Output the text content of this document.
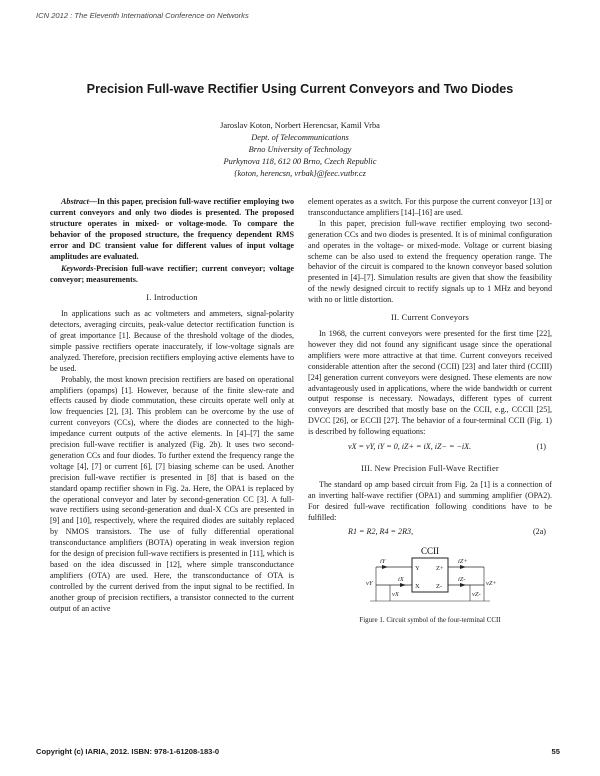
ICN 2012 : The Eleventh International Conference on Networks
Precision Full-wave Rectifier Using Current Conveyors and Two Diodes
Jaroslav Koton, Norbert Herencsar, Kamil Vrba
Dept. of Telecommunications
Brno University of Technology
Purkynova 118, 612 00 Brno, Czech Republic
{koton, herencsn, vrbak}@feec.vutbr.cz

Abstract—In this paper, precision full-wave rectifier employing two current conveyors and only two diodes is presented. The proposed structure operates in mixed- or voltage-mode. To compare the behavior of the proposed structure, the frequency dependent RMS error and DC transient value for different values of input voltage amplitudes are evaluated.

Keywords-Precision full-wave rectifier; current conveyor; voltage conveyor; measurements.

I. Introduction

In applications such as ac voltmeters and ammeters, signal-polarity detectors, averaging circuits, peak-value detector rectification function is of great importance [1]. Because of the threshold voltage of the diodes, simple passive rectifiers operate inaccurately, if low-voltage signals are analyzed. Therefore, precision rectifiers employing active elements have to be used.

Probably, the most known precision rectifiers are based on operational amplifiers (opamps) [1]. However, because of the finite slew-rate and effects caused by diode commutation, these circuits operate well only at low frequencies [2], [3]. This problem can be overcome by the use of current conveyors (CCs), where the diodes are connected to the high-impedance current outputs of the active elements. In [4]–[7] the same precision full-wave rectifier is analyzed (Fig. 2b). It uses two second-generation CCs and four diodes. To further extend the frequency range the voltage [4], [7] or current [6], [7] biasing scheme can be used. Another precision full-wave rectifier is presented in [8] that is based on the standard opamp rectifier shown in Fig. 2a. Here, the OPA1 is replaced by the operational conveyor and later by second-generation CC [3]. A full-wave rectifiers using second-generation and dual-X CCs are presented in [9] and [10], respectively, where the required diodes are suitably replaced by NMOS transistors. The use of fully differential operational transconductance amplifiers (BOTA) operating in weak inversion region for the design of precision full-wave rectifiers is presented in [11], which is based on the idea discussed in [12], where simple transconductance amplifiers (OTA) are used. Here, the transconductance of OTA is controlled by the current derived from the input signal to be rectified. In another group of precision rectifiers, a transistor connected to the current output of an active

element operates as a switch. For this purpose the current conveyor [13] or transconductance amplifiers [14]–[16] are used.

In this paper, precision full-wave rectifier employing two second-generation CCs and two diodes is presented. It is of minimal configuration and operates in the voltage- or mixed-mode. Voltage or current biasing scheme can be also used to extend the frequency operation range. The behavior of the circuit is compared to the known conveyor based solution presented in [4]–[7]. Simulation results are given that show the feasibility of the newly designed circuit to rectify signals up to 1 MHz and beyond with no or little distortion.

II. Current Conveyors

In 1968, the current conveyors were presented for the first time [22], however they did not found any significant usage since the operational amplifiers were more attractive at that time. Current conveyors received considerable attention after the second (CCII) [23] and later third (CCIII) [24] generation current conveyors were designed. These elements are now advantageously used in applications, where the wide bandwidth or current output response is necessary. Nowadays, different types of current conveyors are described that mostly base on the CCII, e.g., CCCII [25], DVCC [26], or ECCII [27]. The behavior of a four-terminal CCII (Fig. 1) is described by following equations:

vX = vY, iY = 0, iZ+ = iX, iZ− = −iX.	(1)

III. New Precision Full-Wave Rectifier

The standard op amp based circuit from Fig. 2a [1] is a connection of an inverting half-wave rectifier (OPA1) and summing amplifier (OPA2). For desired full-wave rectification following conditions have to be fulfilled:

R1 = R2, R4 = 2R3,	(2a)
CCII
Y
X
Z+
Z-
iY
iX
iZ+
iZ-
vY
vX
vZ+
vZ-

Figure 1. Circuit symbol of the four-terminal CCII

Copyright (c) IARIA, 2012. ISBN: 978-1-61208-183-0	55
